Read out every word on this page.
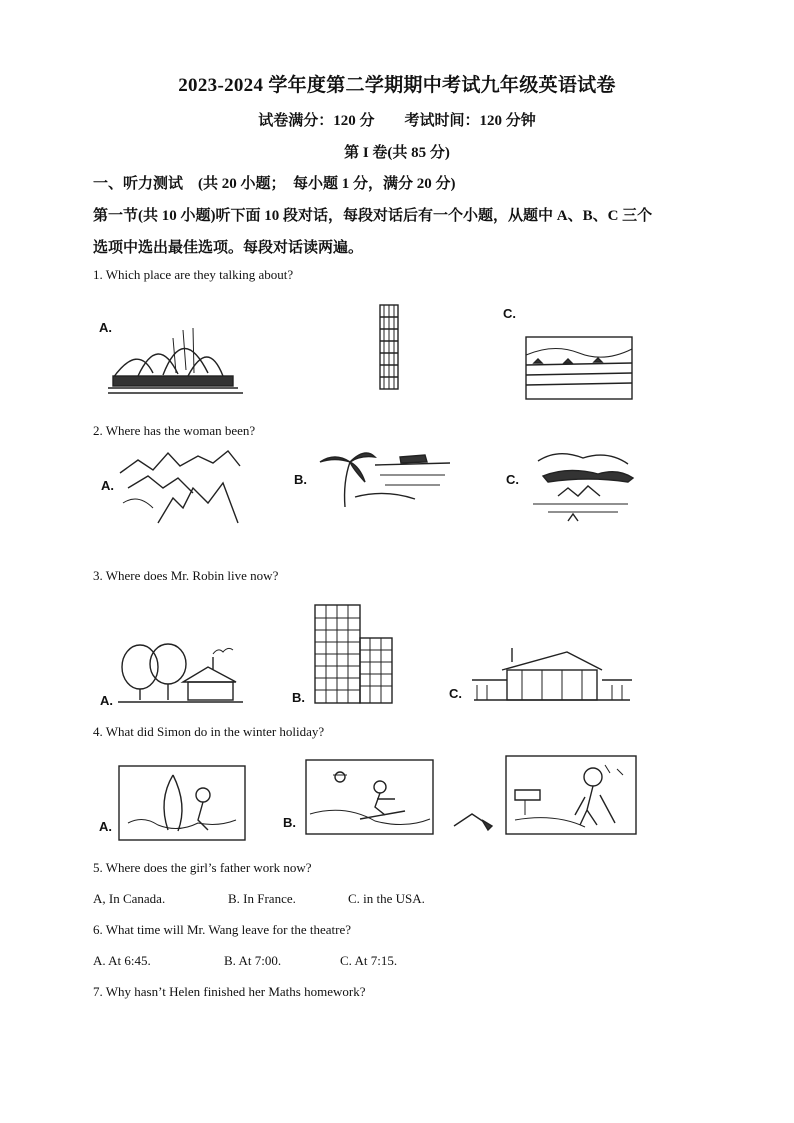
2023-2024 学年度第二学期期中考试九年级英语试卷
试卷满分：120 分 考试时间：120 分钟
第 I 卷(共 85 分)
一、听力测试　(共 20 小题；　每小题 1 分，满分 20 分)
第一节(共 10 小题)听下面 10 段对话，每段对话后有一个小题，从题中 A、B、C 三个
选项中选出最佳选项。每段对话读两遍。
1. Which place are they talking about?
A.
C.
2. Where has the woman been?
A.	B.	C.
3. Where does Mr. Robin live now?
A.	B.	C.
4. What did Simon do in the winter holiday?
A.	B.
5. Where does the girl’s father work now?
A, In Canada.	B. In France.	C. in the USA.
6. What time will Mr. Wang leave for the theatre?
A. At 6:45.	B. At 7:00.	C. At 7:15.
7. Why hasn’t Helen finished her Maths homework?
